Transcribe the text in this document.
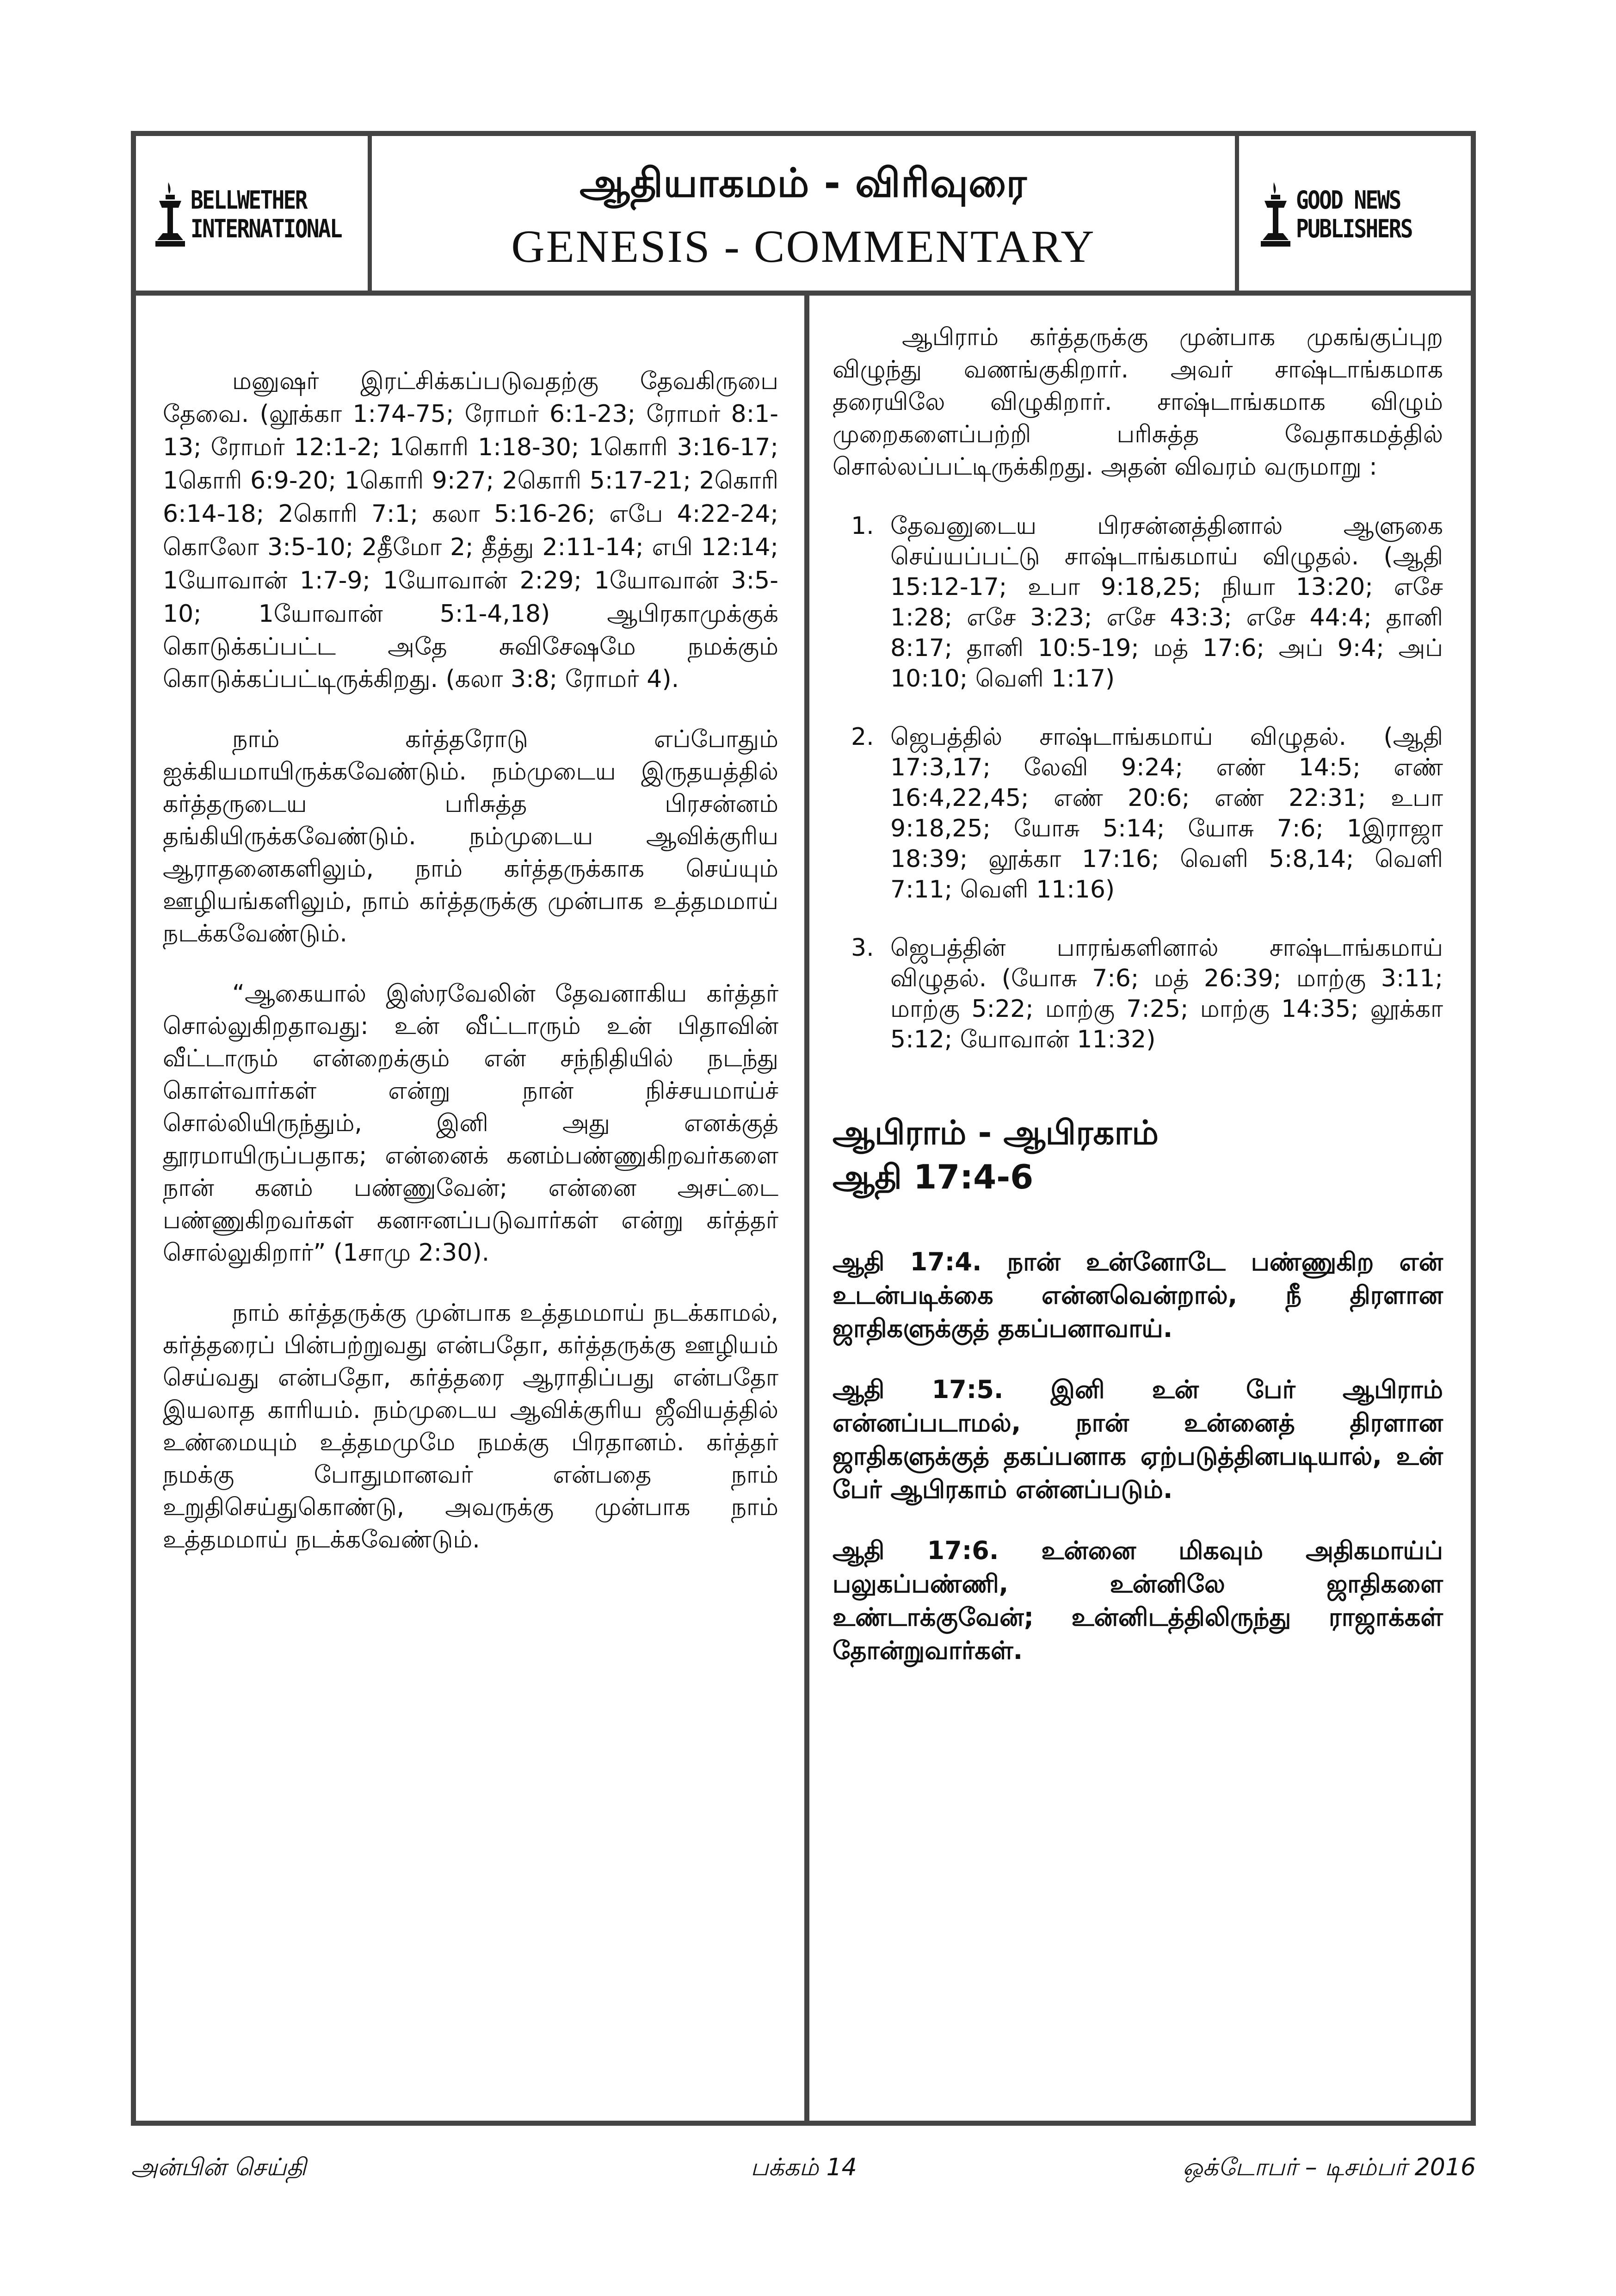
BELLWETHER
INTERNATIONAL
ஆதியாகமம் - விரிவுரை
GENESIS - COMMENTARY
GOOD NEWS
PUBLISHERS

மனுஷர் இரட்சிக்கப்படுவதற்கு தேவகிருபை தேவை. (லூக்கா 1:74-75; ரோமர் 6:1-23; ரோமர் 8:1-13; ரோமர் 12:1-2; 1கொரி 1:18-30; 1கொரி 3:16-17; 1கொரி 6:9-20; 1கொரி 9:27; 2கொரி 5:17-21; 2கொரி 6:14-18; 2கொரி 7:1; கலா 5:16-26; எபே 4:22-24; கொலோ 3:5-10; 2தீமோ 2; தீத்து 2:11-14; எபி 12:14; 1யோவான் 1:7-9; 1யோவான் 2:29; 1யோவான் 3:5-10; 1யோவான் 5:1-4,18) ஆபிரகாமுக்குக் கொடுக்கப்பட்ட அதே சுவிசேஷமே நமக்கும் கொடுக்கப்பட்டிருக்கிறது. (கலா 3:8; ரோமர் 4).

நாம் கர்த்தரோடு எப்போதும் ஐக்கியமாயிருக்கவேண்டும். நம்முடைய இருதயத்தில் கர்த்தருடைய பரிசுத்த பிரசன்னம் தங்கியிருக்கவேண்டும். நம்முடைய ஆவிக்குரிய ஆராதனைகளிலும், நாம் கர்த்தருக்காக செய்யும் ஊழியங்களிலும், நாம் கர்த்தருக்கு முன்பாக உத்தமமாய் நடக்கவேண்டும்.

“ஆகையால் இஸ்ரவேலின் தேவனாகிய கர்த்தர் சொல்லுகிறதாவது: உன் வீட்டாரும் உன் பிதாவின் வீட்டாரும் என்றைக்கும் என் சந்நிதியில் நடந்து கொள்வார்கள் என்று நான் நிச்சயமாய்ச் சொல்லியிருந்தும், இனி அது எனக்குத் தூரமாயிருப்பதாக; என்னைக் கனம்பண்ணுகிறவர்களை நான் கனம் பண்ணுவேன்; என்னை அசட்டை பண்ணுகிறவர்கள் கனஈனப்படுவார்கள் என்று கர்த்தர் சொல்லுகிறார்” (1சாமு 2:30).

நாம் கர்த்தருக்கு முன்பாக உத்தமமாய் நடக்காமல், கர்த்தரைப் பின்பற்றுவது என்பதோ, கர்த்தருக்கு ஊழியம் செய்வது என்பதோ, கர்த்தரை ஆராதிப்பது என்பதோ இயலாத காரியம். நம்முடைய ஆவிக்குரிய ஜீவியத்தில் உண்மையும் உத்தமமுமே நமக்கு பிரதானம். கர்த்தர் நமக்கு போதுமானவர் என்பதை நாம் உறுதிசெய்துகொண்டு, அவருக்கு முன்பாக நாம் உத்தமமாய் நடக்கவேண்டும்.

ஆபிராம் கர்த்தருக்கு முன்பாக முகங்குப்புற விழுந்து வணங்குகிறார். அவர் சாஷ்டாங்கமாக தரையிலே விழுகிறார். சாஷ்டாங்கமாக விழும் முறைகளைப்பற்றி பரிசுத்த வேதாகமத்தில் சொல்லப்பட்டிருக்கிறது. அதன் விவரம் வருமாறு :

1. தேவனுடைய பிரசன்னத்தினால் ஆளுகை செய்யப்பட்டு சாஷ்டாங்கமாய் விழுதல். (ஆதி 15:12-17; உபா 9:18,25; நியா 13:20; எசே 1:28; எசே 3:23; எசே 43:3; எசே 44:4; தானி 8:17; தானி 10:5-19; மத் 17:6; அப் 9:4; அப் 10:10; வெளி 1:17)
2. ஜெபத்தில் சாஷ்டாங்கமாய் விழுதல். (ஆதி 17:3,17; லேவி 9:24; எண் 14:5; எண் 16:4,22,45; எண் 20:6; எண் 22:31; உபா 9:18,25; யோசு 5:14; யோசு 7:6; 1இராஜா 18:39; லூக்கா 17:16; வெளி 5:8,14; வெளி 7:11; வெளி 11:16)
3. ஜெபத்தின் பாரங்களினால் சாஷ்டாங்கமாய் விழுதல். (யோசு 7:6; மத் 26:39; மாற்கு 3:11; மாற்கு 5:22; மாற்கு 7:25; மாற்கு 14:35; லூக்கா 5:12; யோவான் 11:32)
ஆபிராம் - ஆபிரகாம்
ஆதி 17:4-6

ஆதி 17:4. நான் உன்னோடே பண்ணுகிற என் உடன்படிக்கை என்னவென்றால், நீ திரளான ஜாதிகளுக்குத் தகப்பனாவாய்.

ஆதி 17:5. இனி உன் பேர் ஆபிராம் என்னப்படாமல், நான் உன்னைத் திரளான ஜாதிகளுக்குத் தகப்பனாக ஏற்படுத்தினபடியால், உன் பேர் ஆபிரகாம் என்னப்படும்.

ஆதி 17:6. உன்னை மிகவும் அதிகமாய்ப் பலுகப்பண்ணி, உன்னிலே ஜாதிகளை உண்டாக்குவேன்; உன்னிடத்திலிருந்து ராஜாக்கள் தோன்றுவார்கள்.

அன்பின் செய்தி	பக்கம் 14	ஒக்டோபர் – டிசம்பர் 2016
